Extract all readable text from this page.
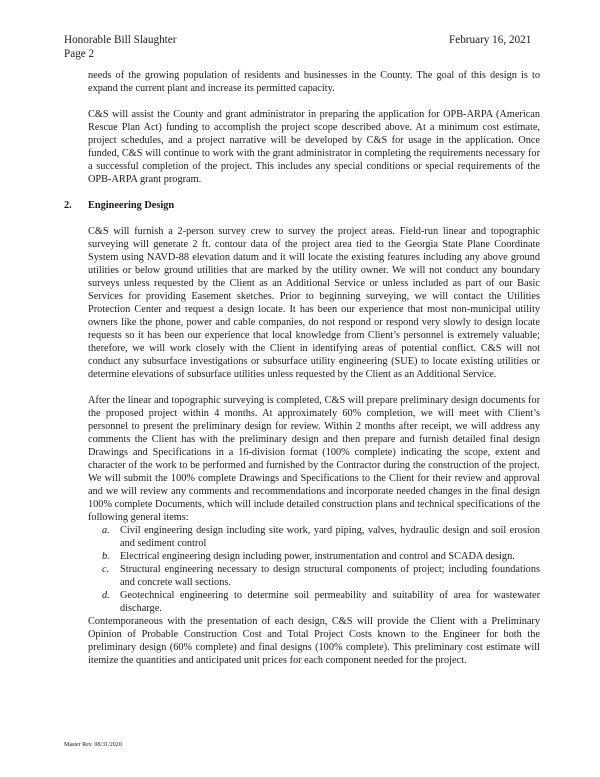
Honorable Bill Slaughter
Page 2
February 16, 2021

needs of the growing population of residents and businesses in the County. The goal of this design is to expand the current plant and increase its permitted capacity.

C&S will assist the County and grant administrator in preparing the application for OPB-ARPA (American Rescue Plan Act) funding to accomplish the project scope described above. At a minimum cost estimate, project schedules, and a project narrative will be developed by C&S for usage in the application. Once funded, C&S will continue to work with the grant administrator in completing the requirements necessary for a successful completion of the project. This includes any special conditions or special requirements of the OPB-ARPA grant program.

2.	Engineering Design

C&S will furnish a 2-person survey crew to survey the project areas. Field-run linear and topographic surveying will generate 2 ft. contour data of the project area tied to the Georgia State Plane Coordinate System using NAVD-88 elevation datum and it will locate the existing features including any above ground utilities or below ground utilities that are marked by the utility owner. We will not conduct any boundary surveys unless requested by the Client as an Additional Service or unless included as part of our Basic Services for providing Easement sketches. Prior to beginning surveying, we will contact the Utilities Protection Center and request a design locate. It has been our experience that most non-municipal utility owners like the phone, power and cable companies, do not respond or respond very slowly to design locate requests so it has been our experience that local knowledge from Client’s personnel is extremely valuable; therefore, we will work closely with the Client in identifying areas of potential conflict. C&S will not conduct any subsurface investigations or subsurface utility engineering (SUE) to locate existing utilities or determine elevations of subsurface utilities unless requested by the Client as an Additional Service.

After the linear and topographic surveying is completed, C&S will prepare preliminary design documents for the proposed project within 4 months. At approximately 60% completion, we will meet with Client’s personnel to present the preliminary design for review. Within 2 months after receipt, we will address any comments the Client has with the preliminary design and then prepare and furnish detailed final design Drawings and Specifications in a 16-division format (100% complete) indicating the scope, extent and character of the work to be performed and furnished by the Contractor during the construction of the project. We will submit the 100% complete Drawings and Specifications to the Client for their review and approval and we will review any comments and recommendations and incorporate needed changes in the final design 100% complete Documents, which will include detailed construction plans and technical specifications of the following general items:

a. Civil engineering design including site work, yard piping, valves, hydraulic design and soil erosion and sediment control
b. Electrical engineering design including power, instrumentation and control and SCADA design.
c.	Structural engineering necessary to design structural components of project; including foundations and concrete wall sections.
d. Geotechnical engineering to determine soil permeability and suitability of area for wastewater discharge.

Contemporaneous with the presentation of each design, C&S will provide the Client with a Preliminary Opinion of Probable Construction Cost and Total Project Costs known to the Engineer for both the preliminary design (60% complete) and final designs (100% complete). This preliminary cost estimate will itemize the quantities and anticipated unit prices for each component needed for the project.

Master Rev. 08/31/2020
